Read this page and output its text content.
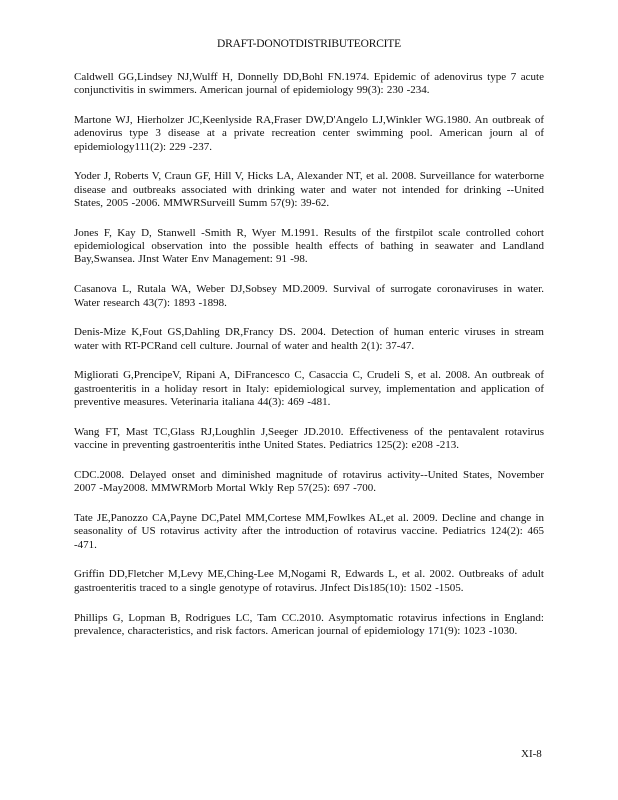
DRAFT-DONOTDISTRIBUTEORCITE

Caldwell GG,Lindsey NJ,Wulff H, Donnelly DD,Bohl FN.1974. Epidemic of adenovirus type 7 acute conjunctivitis in swimmers. American journal of epidemiology 99(3): 230 -234.

Martone WJ, Hierholzer JC,Keenlyside RA,Fraser DW,D'Angelo LJ,Winkler WG.1980. An outbreak of adenovirus type 3 disease at a private recreation center swimming pool. American journ al of epidemiology111(2): 229 -237.

Yoder J, Roberts V, Craun GF, Hill V, Hicks LA, Alexander NT, et al. 2008. Surveillance for waterborne disease and outbreaks associated with drinking water and water not intended for drinking --United States, 2005 -2006. MMWRSurveill Summ 57(9): 39-62.

Jones F, Kay D, Stanwell -Smith R, Wyer M.1991. Results of the firstpilot scale controlled cohort epidemiological observation into the possible health effects of bathing in seawater and Landland Bay,Swansea. JInst Water Env Management: 91 -98.

Casanova L, Rutala WA, Weber DJ,Sobsey MD.2009. Survival of surrogate coronaviruses in water. Water research 43(7): 1893 -1898.

Denis-Mize K,Fout GS,Dahling DR,Francy DS. 2004. Detection of human enteric viruses in stream water with RT-PCRand cell culture. Journal of water and health 2(1): 37-47.

Migliorati G,PrencipeV, Ripani A, DiFrancesco C, Casaccia C, Crudeli S, et al. 2008. An outbreak of gastroenteritis in a holiday resort in Italy: epidemiological survey, implementation and application of preventive measures. Veterinaria italiana 44(3): 469 -481.

Wang FT, Mast TC,Glass RJ,Loughlin J,Seeger JD.2010. Effectiveness of the pentavalent rotavirus vaccine in preventing gastroenteritis inthe United States. Pediatrics 125(2): e208 -213.

CDC.2008. Delayed onset and diminished magnitude of rotavirus activity--United States, November 2007 -May2008. MMWRMorb Mortal Wkly Rep 57(25): 697 -700.

Tate JE,Panozzo CA,Payne DC,Patel MM,Cortese MM,Fowlkes AL,et al. 2009. Decline and change in seasonality of US rotavirus activity after the introduction of rotavirus vaccine. Pediatrics 124(2): 465 -471.

Griffin DD,Fletcher M,Levy ME,Ching-Lee M,Nogami R, Edwards L, et al. 2002. Outbreaks of adult gastroenteritis traced to a single genotype of rotavirus. JInfect Dis185(10): 1502 -1505.

Phillips G, Lopman B, Rodrigues LC, Tam CC.2010. Asymptomatic rotavirus infections in England: prevalence, characteristics, and risk factors. American journal of epidemiology 171(9): 1023 -1030.

XI-8
